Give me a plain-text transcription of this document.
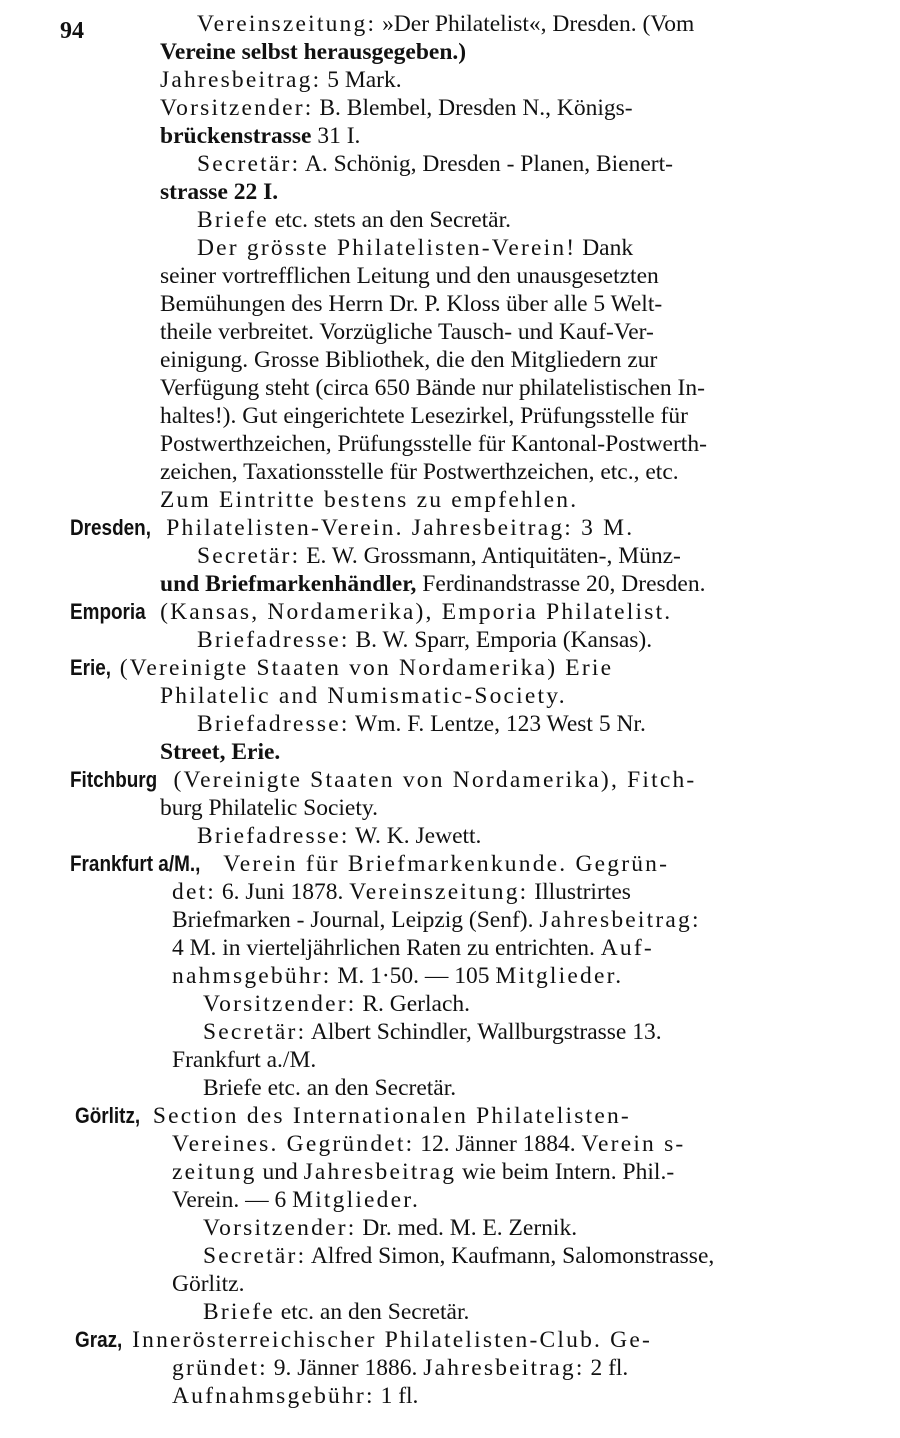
94	Vereinszeitung: »Der Philatelist«, Dresden. (Vom
Vereine selbst herausgegeben.)
Jahresbeitrag: 5 Mark.
Vorsitzender: B. Blembel, Dresden N., Königs-
brückenstrasse 31 I.
Secretär: A. Schönig, Dresden - Planen, Bienert-
strasse 22 I.
Briefe etc. stets an den Secretär.
Der grösste Philatelisten-Verein! Dank
seiner vortrefflichen Leitung und den unausgesetzten
Bemühungen des Herrn Dr. P. Kloss über alle 5 Welt-
theile verbreitet. Vorzügliche Tausch- und Kauf-Ver-
einigung. Grosse Bibliothek, die den Mitgliedern zur
Verfügung steht (circa 650 Bände nur philatelistischen In-
haltes!). Gut eingerichtete Lesezirkel, Prüfungsstelle für
Postwerthzeichen, Prüfungsstelle für Kantonal-Postwerth-
zeichen, Taxationsstelle für Postwerthzeichen, etc., etc.
Zum Eintritte bestens zu empfehlen.
Dresden, Philatelisten-Verein. Jahresbeitrag: 3 M.
Secretär: E. W. Grossmann, Antiquitäten-, Münz-
und Briefmarkenhändler, Ferdinandstrasse 20, Dresden.
Emporia (Kansas, Nordamerika), Emporia Philatelist.
Briefadresse: B. W. Sparr, Emporia (Kansas).
Erie, (Vereinigte Staaten von Nordamerika) Erie
Philatelic and Numismatic-Society.
Briefadresse: Wm. F. Lentze, 123 West 5 Nr.
Street, Erie.
Fitchburg (Vereinigte Staaten von Nordamerika), Fitch-
burg Philatelic Society.
Briefadresse: W. K. Jewett.
Frankfurt a/M., Verein für Briefmarkenkunde. Gegrün-
det: 6. Juni 1878. Vereinszeitung: Illustrirtes
Briefmarken - Journal, Leipzig (Senf). Jahresbeitrag:
4 M. in vierteljährlichen Raten zu entrichten. Auf-
nahmsgebühr: M. 1·50. — 105 Mitglieder.
Vorsitzender: R. Gerlach.
Secretär: Albert Schindler, Wallburgstrasse 13.
Frankfurt a./M.
Briefe etc. an den Secretär.
Görlitz, Section des Internationalen Philatelisten-
Vereines. Gegründet: 12. Jänner 1884. Verein s-
zeitung und Jahresbeitrag wie beim Intern. Phil.-
Verein. — 6 Mitglieder.
Vorsitzender: Dr. med. M. E. Zernik.
Secretär: Alfred Simon, Kaufmann, Salomonstrasse,
Görlitz.
Briefe etc. an den Secretär.
Graz, Innerösterreichischer Philatelisten-Club. Ge-
gründet: 9. Jänner 1886. Jahresbeitrag: 2 fl.
Aufnahmsgebühr: 1 fl.
